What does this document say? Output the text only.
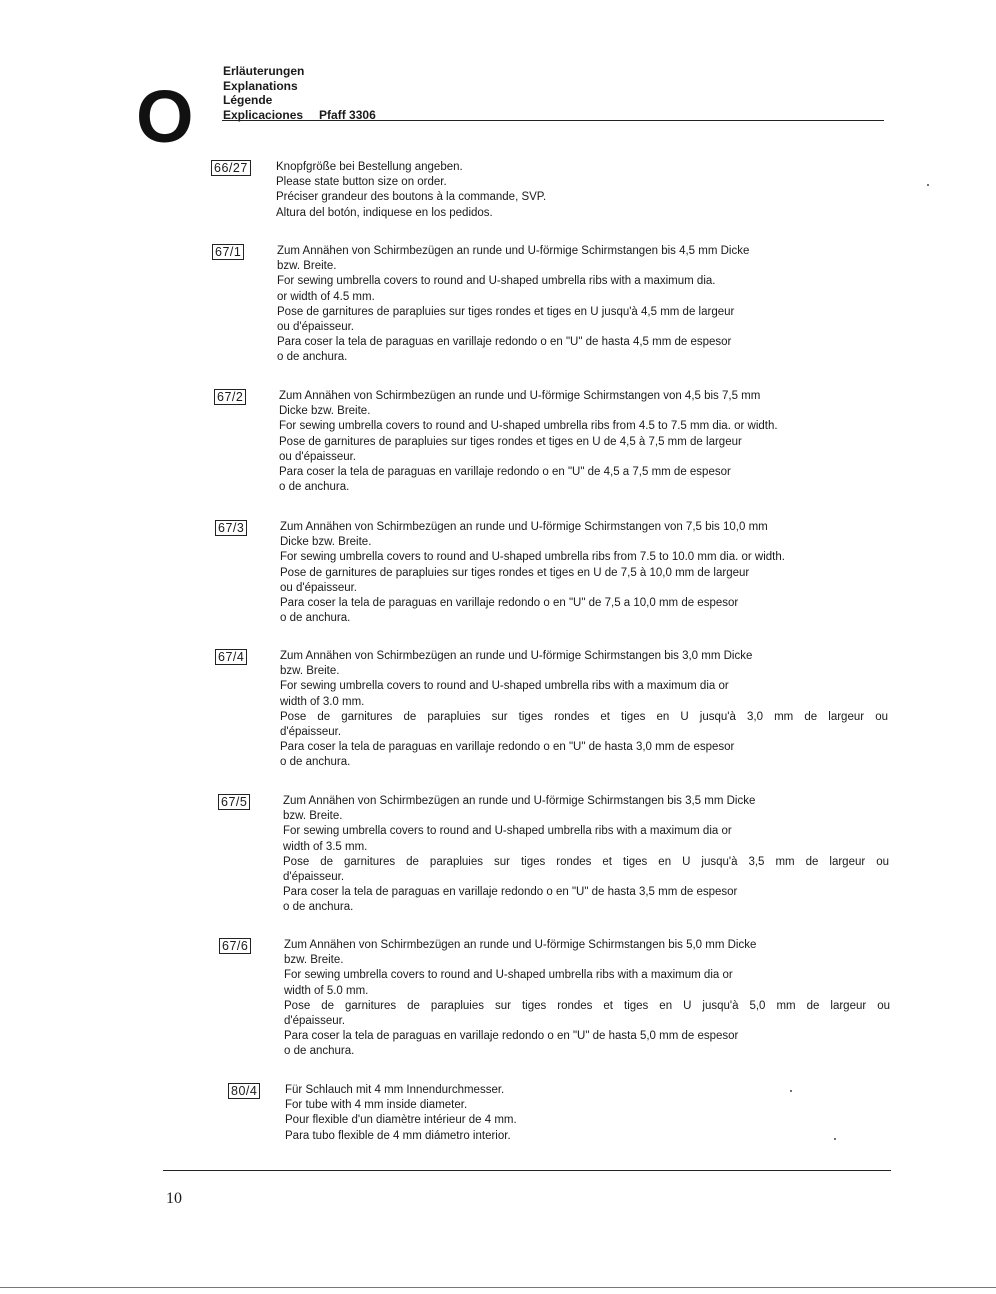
O
Erläuterungen
Explanations
Légende
Explicaciones Pfaff 3306
66/27 Knopfgröße bei Bestellung angeben.

Please state button size on order.

Préciser grandeur des boutons à la commande, SVP.

Altura del botón, indiquese en los pedidos.

67/1	Zum Annähen von Schirmbezügen an runde und U-förmige Schirmstangen bis 4,5 mm Dicke

bzw. Breite.

For sewing umbrella covers to round and U-shaped umbrella ribs with a maximum dia.

or width of 4.5 mm.

Pose de garnitures de parapluies sur tiges rondes et tiges en U jusqu'à 4,5 mm de largeur

ou d'épaisseur.

Para coser la tela de paraguas en varillaje redondo o en "U" de hasta 4,5 mm de espesor

o de anchura.

67/2	Zum Annähen von Schirmbezügen an runde und U-förmige Schirmstangen von 4,5 bis 7,5 mm

Dicke bzw. Breite.

For sewing umbrella covers to round and U-shaped umbrella ribs from 4.5 to 7.5 mm dia. or width.

Pose de garnitures de parapluies sur tiges rondes et tiges en U de 4,5 à 7,5 mm de largeur

ou d'épaisseur.

Para coser la tela de paraguas en varillaje redondo o en "U" de 4,5 a 7,5 mm de espesor

o de anchura.

67/3	Zum Annähen von Schirmbezügen an runde und U-förmige Schirmstangen von 7,5 bis 10,0 mm

Dicke bzw. Breite.

For sewing umbrella covers to round and U-shaped umbrella ribs from 7.5 to 10.0 mm dia. or width.

Pose de garnitures de parapluies sur tiges rondes et tiges en U de 7,5 à 10,0 mm de largeur

ou d'épaisseur.

Para coser la tela de paraguas en varillaje redondo o en "U" de 7,5 a 10,0 mm de espesor

o de anchura.

67/4	Zum Annähen von Schirmbezügen an runde und U-förmige Schirmstangen bis 3,0 mm Dicke

bzw. Breite.

For sewing umbrella covers to round and U-shaped umbrella ribs with a maximum dia or

width of 3.0 mm.

Pose de garnitures de parapluies sur tiges rondes et tiges en U jusqu'à 3,0 mm de largeur ou

d'épaisseur.

Para coser la tela de paraguas en varillaje redondo o en "U" de hasta 3,0 mm de espesor

o de anchura.

67/5	Zum Annähen von Schirmbezügen an runde und U-förmige Schirmstangen bis 3,5 mm Dicke

bzw. Breite.

For sewing umbrella covers to round and U-shaped umbrella ribs with a maximum dia or

width of 3.5 mm.

Pose de garnitures de parapluies sur tiges rondes et tiges en U jusqu'à 3,5 mm de largeur ou

d'épaisseur.

Para coser la tela de paraguas en varillaje redondo o en "U" de hasta 3,5 mm de espesor

o de anchura.

67/6	Zum Annähen von Schirmbezügen an runde und U-förmige Schirmstangen bis 5,0 mm Dicke

bzw. Breite.

For sewing umbrella covers to round and U-shaped umbrella ribs with a maximum dia or

width of 5.0 mm.

Pose de garnitures de parapluies sur tiges rondes et tiges en U jusqu'à 5,0 mm de largeur ou

d'épaisseur.

Para coser la tela de paraguas en varillaje redondo o en "U" de hasta 5,0 mm de espesor

o de anchura.

80/4 Für Schlauch mit 4 mm Innendurchmesser.

For tube with 4 mm inside diameter.

Pour flexible d'un diamètre intérieur de 4 mm.

Para tubo flexible de 4 mm diámetro interior.

10
